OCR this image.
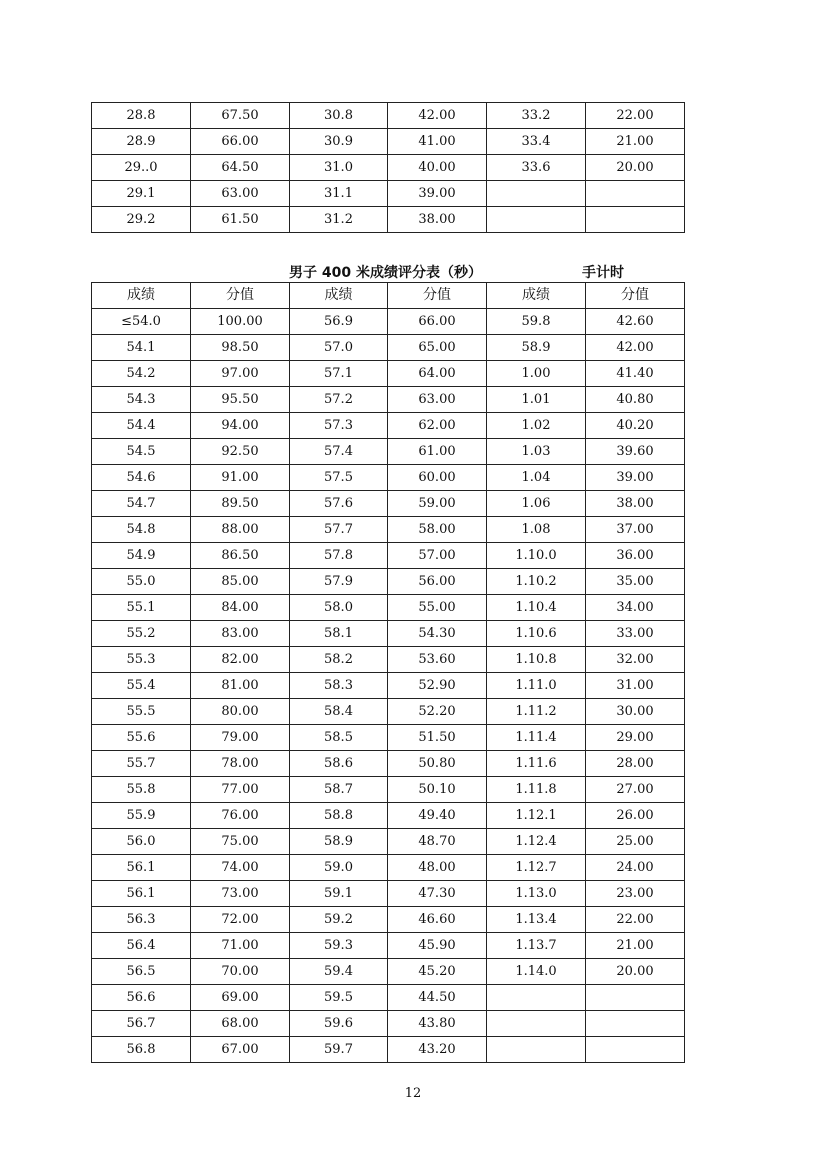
28.8	67.50	30.8	42.00	33.2	22.00
28.9	66.00	30.9	41.00	33.4	21.00
29..0	64.50	31.0	40.00	33.6	20.00
29.1	63.00	31.1	39.00		
29.2	61.50	31.2	38.00		
男子 400 米成绩评分表（秒）	手计时
成绩	分值	成绩	分值	成绩	分值
≤54.0	100.00	56.9	66.00	59.8	42.60
54.1	98.50	57.0	65.00	58.9	42.00
54.2	97.00	57.1	64.00	1.00	41.40
54.3	95.50	57.2	63.00	1.01	40.80
54.4	94.00	57.3	62.00	1.02	40.20
54.5	92.50	57.4	61.00	1.03	39.60
54.6	91.00	57.5	60.00	1.04	39.00
54.7	89.50	57.6	59.00	1.06	38.00
54.8	88.00	57.7	58.00	1.08	37.00
54.9	86.50	57.8	57.00	1.10.0	36.00
55.0	85.00	57.9	56.00	1.10.2	35.00
55.1	84.00	58.0	55.00	1.10.4	34.00
55.2	83.00	58.1	54.30	1.10.6	33.00
55.3	82.00	58.2	53.60	1.10.8	32.00
55.4	81.00	58.3	52.90	1.11.0	31.00
55.5	80.00	58.4	52.20	1.11.2	30.00
55.6	79.00	58.5	51.50	1.11.4	29.00
55.7	78.00	58.6	50.80	1.11.6	28.00
55.8	77.00	58.7	50.10	1.11.8	27.00
55.9	76.00	58.8	49.40	1.12.1	26.00
56.0	75.00	58.9	48.70	1.12.4	25.00
56.1	74.00	59.0	48.00	1.12.7	24.00
56.1	73.00	59.1	47.30	1.13.0	23.00
56.3	72.00	59.2	46.60	1.13.4	22.00
56.4	71.00	59.3	45.90	1.13.7	21.00
56.5	70.00	59.4	45.20	1.14.0	20.00
56.6	69.00	59.5	44.50		
56.7	68.00	59.6	43.80		
56.8	67.00	59.7	43.20		
12
